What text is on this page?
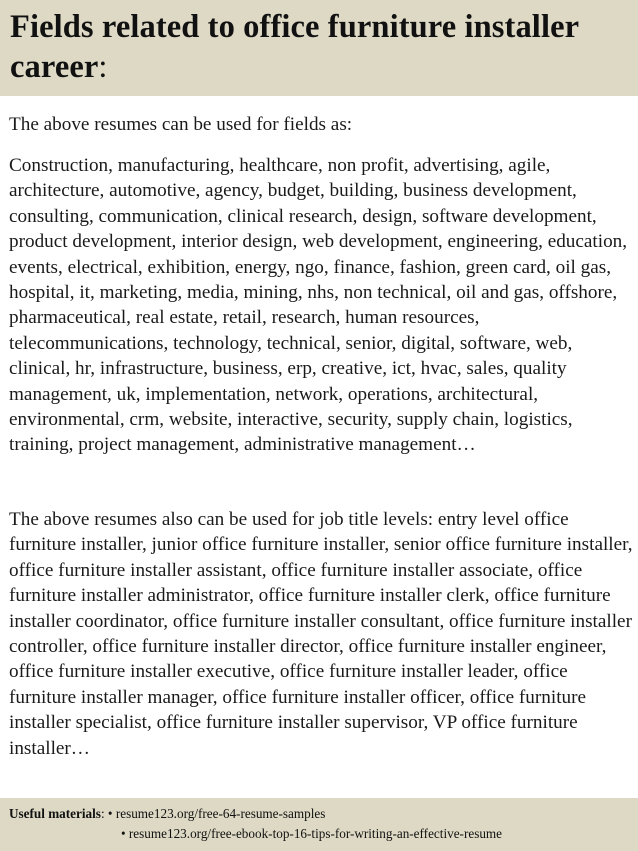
Fields related to office furniture installer career:

The above resumes can be used for fields as:

Construction, manufacturing, healthcare, non profit, advertising, agile, architecture, automotive, agency, budget, building, business development, consulting, communication, clinical research, design, software development, product development, interior design, web development, engineering, education, events, electrical, exhibition, energy, ngo, finance, fashion, green card, oil gas, hospital, it, marketing, media, mining, nhs, non technical, oil and gas, offshore, pharmaceutical, real estate, retail, research, human resources, telecommunications, technology, technical, senior, digital, software, web, clinical, hr, infrastructure, business, erp, creative, ict, hvac, sales, quality management, uk, implementation, network, operations, architectural, environmental, crm, website, interactive, security, supply chain, logistics, training, project management, administrative management…

The above resumes also can be used for job title levels: entry level office furniture installer, junior office furniture installer, senior office furniture installer, office furniture installer assistant, office furniture installer associate, office furniture installer administrator, office furniture installer clerk, office furniture installer coordinator, office furniture installer consultant, office furniture installer controller, office furniture installer director, office furniture installer engineer, office furniture installer executive, office furniture installer leader, office furniture installer manager, office furniture installer officer, office furniture installer specialist, office furniture installer supervisor, VP office furniture installer…

Useful materials: • resume123.org/free-64-resume-samples
• resume123.org/free-ebook-top-16-tips-for-writing-an-effective-resume
